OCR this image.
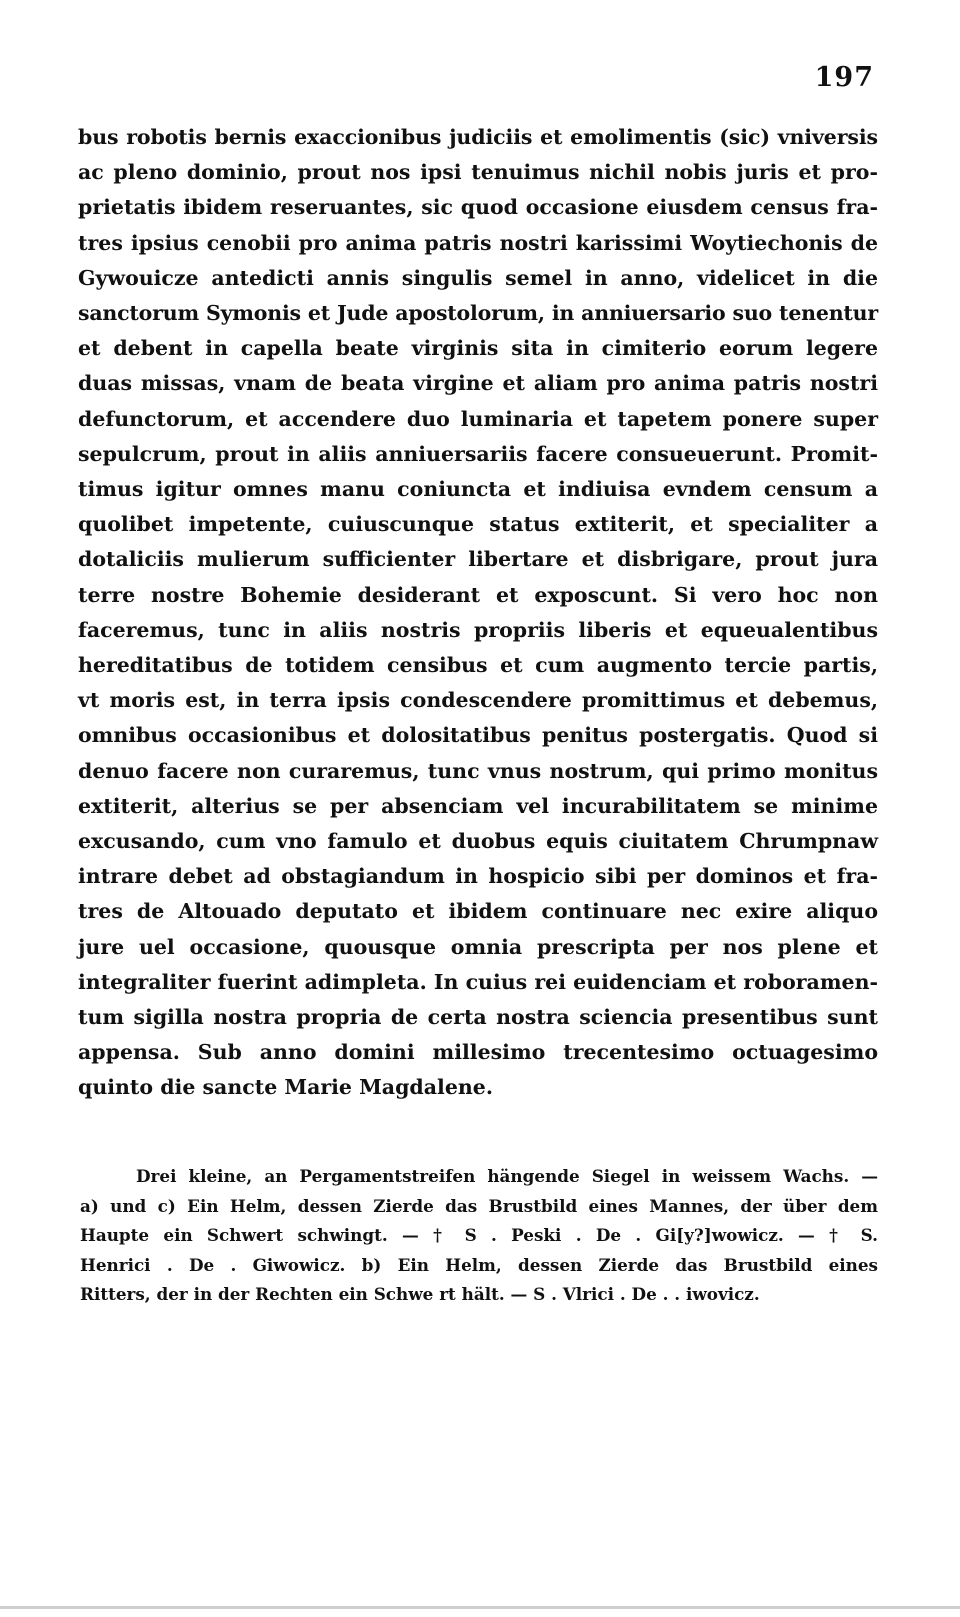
197
bus robotis bernis exaccionibus judiciis et emolimentis (sic) vniversis
ac pleno dominio, prout nos ipsi tenuimus nichil nobis juris et pro-
prietatis ibidem reseruantes, sic quod occasione eiusdem census fra-
tres ipsius cenobii pro anima patris nostri karissimi Woytiechonis de
Gywouicze antedicti annis singulis semel in anno, videlicet in die
sanctorum Symonis et Jude apostolorum, in anniuersario suo tenentur
et debent in capella beate virginis sita in cimiterio eorum legere
duas missas, vnam de beata virgine et aliam pro anima patris nostri
defunctorum, et accendere duo luminaria et tapetem ponere super
sepulcrum, prout in aliis anniuersariis facere consueuerunt. Promit-
timus igitur omnes manu coniuncta et indiuisa evndem censum a
quolibet impetente, cuiuscunque status extiterit, et specialiter a
dotaliciis mulierum sufficienter libertare et disbrigare, prout jura
terre nostre Bohemie desiderant et exposcunt. Si vero hoc non
faceremus, tunc in aliis nostris propriis liberis et equeualentibus
hereditatibus de totidem censibus et cum augmento tercie partis,
vt moris est, in terra ipsis condescendere promittimus et debemus,
omnibus occasionibus et dolositatibus penitus postergatis. Quod si
denuo facere non curaremus, tunc vnus nostrum, qui primo monitus
extiterit, alterius se per absenciam vel incurabilitatem se minime
excusando, cum vno famulo et duobus equis ciuitatem Chrumpnaw
intrare debet ad obstagiandum in hospicio sibi per dominos et fra-
tres de Altouado deputato et ibidem continuare nec exire aliquo
jure uel occasione, quousque omnia prescripta per nos plene et
integraliter fuerint adimpleta. In cuius rei euidenciam et roboramen-
tum sigilla nostra propria de certa nostra sciencia presentibus sunt
appensa. Sub anno domini millesimo trecentesimo octuagesimo
quinto die sancte Marie Magdalene.
Drei kleine, an Pergamentstreifen hängende Siegel in weissem Wachs. —
a) und c) Ein Helm, dessen Zierde das Brustbild eines Mannes, der über dem
Haupte ein Schwert schwingt. — † S . Peski . De . Gi[y?]wowicz. — † S.
Henrici . De . Giwowicz. b) Ein Helm, dessen Zierde das Brustbild eines
Ritters, der in der Rechten ein Schwe rt hält. — S . Vlrici . De . . iwovicz.
